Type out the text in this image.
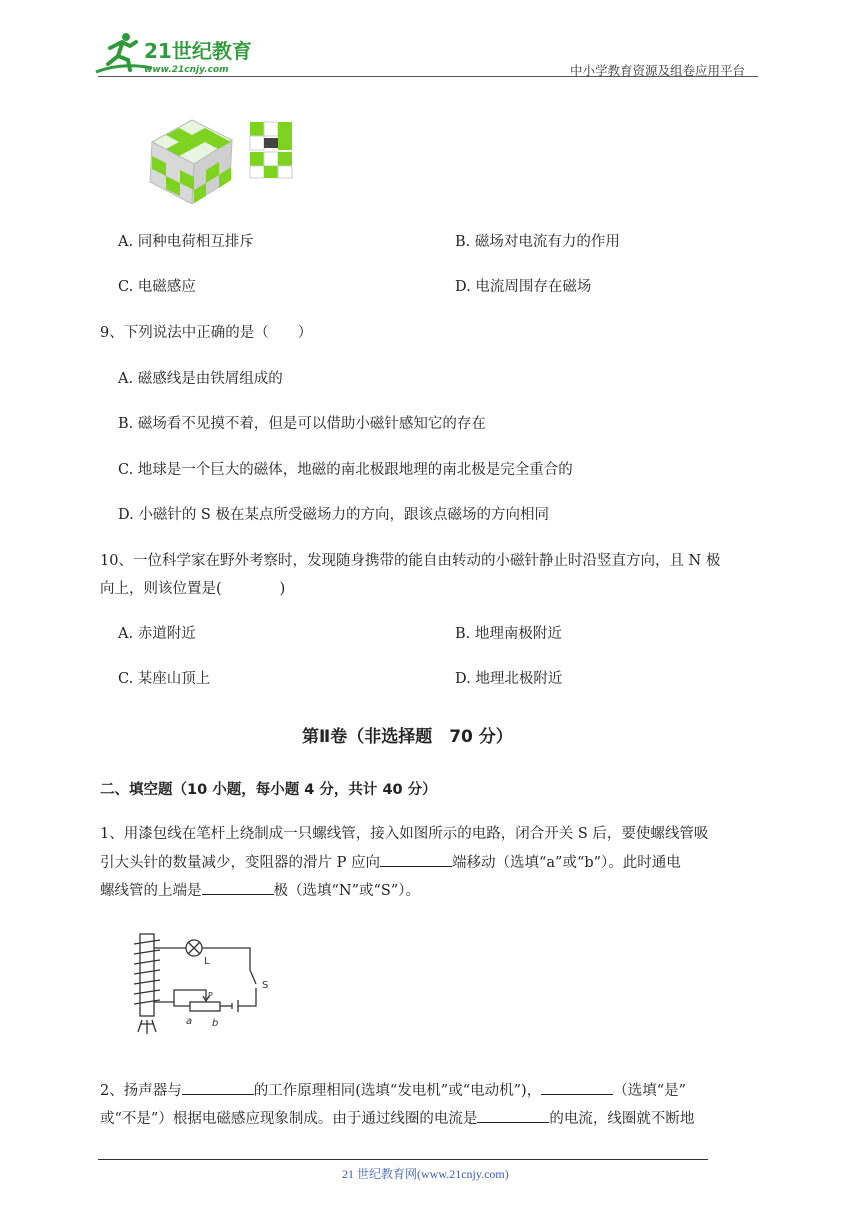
21世纪教育
www.21cnjy.com	中小学教育资源及组卷应用平台
A. 同种电荷相互排斥	B. 磁场对电流有力的作用
C. 电磁感应	D. 电流周围存在磁场
9、下列说法中正确的是（　　）
A. 磁感线是由铁屑组成的
B. 磁场看不见摸不着，但是可以借助小磁针感知它的存在
C. 地球是一个巨大的磁体，地磁的南北极跟地理的南北极是完全重合的
D. 小磁针的 S 极在某点所受磁场力的方向，跟该点磁场的方向相同
10、一位科学家在野外考察时，发现随身携带的能自由转动的小磁针静止时沿竖直方向，且 N 极
向上，则该位置是(　　　　)
A. 赤道附近	B. 地理南极附近
C. 某座山顶上	D. 地理北极附近
第Ⅱ卷（非选择题　70 分）
二、填空题（10 小题，每小题 4 分，共计 40 分）
1、用漆包线在笔杆上绕制成一只螺线管，接入如图所示的电路，闭合开关 S 后，要使螺线管吸
引大头针的数量减少，变阻器的滑片 P 应向	端移动（选填“a”或“b”）。此时通电
螺线管的上端是	极（选填“N”或“S”）。
L
S
P
a b
2、扬声器与	的工作原理相同(选填“发电机”或“电动机”)，	（选填“是”
或“不是”）根据电磁感应现象制成。由于通过线圈的电流是	的电流，线圈就不断地
21 世纪教育网(www.21cnjy.com)
